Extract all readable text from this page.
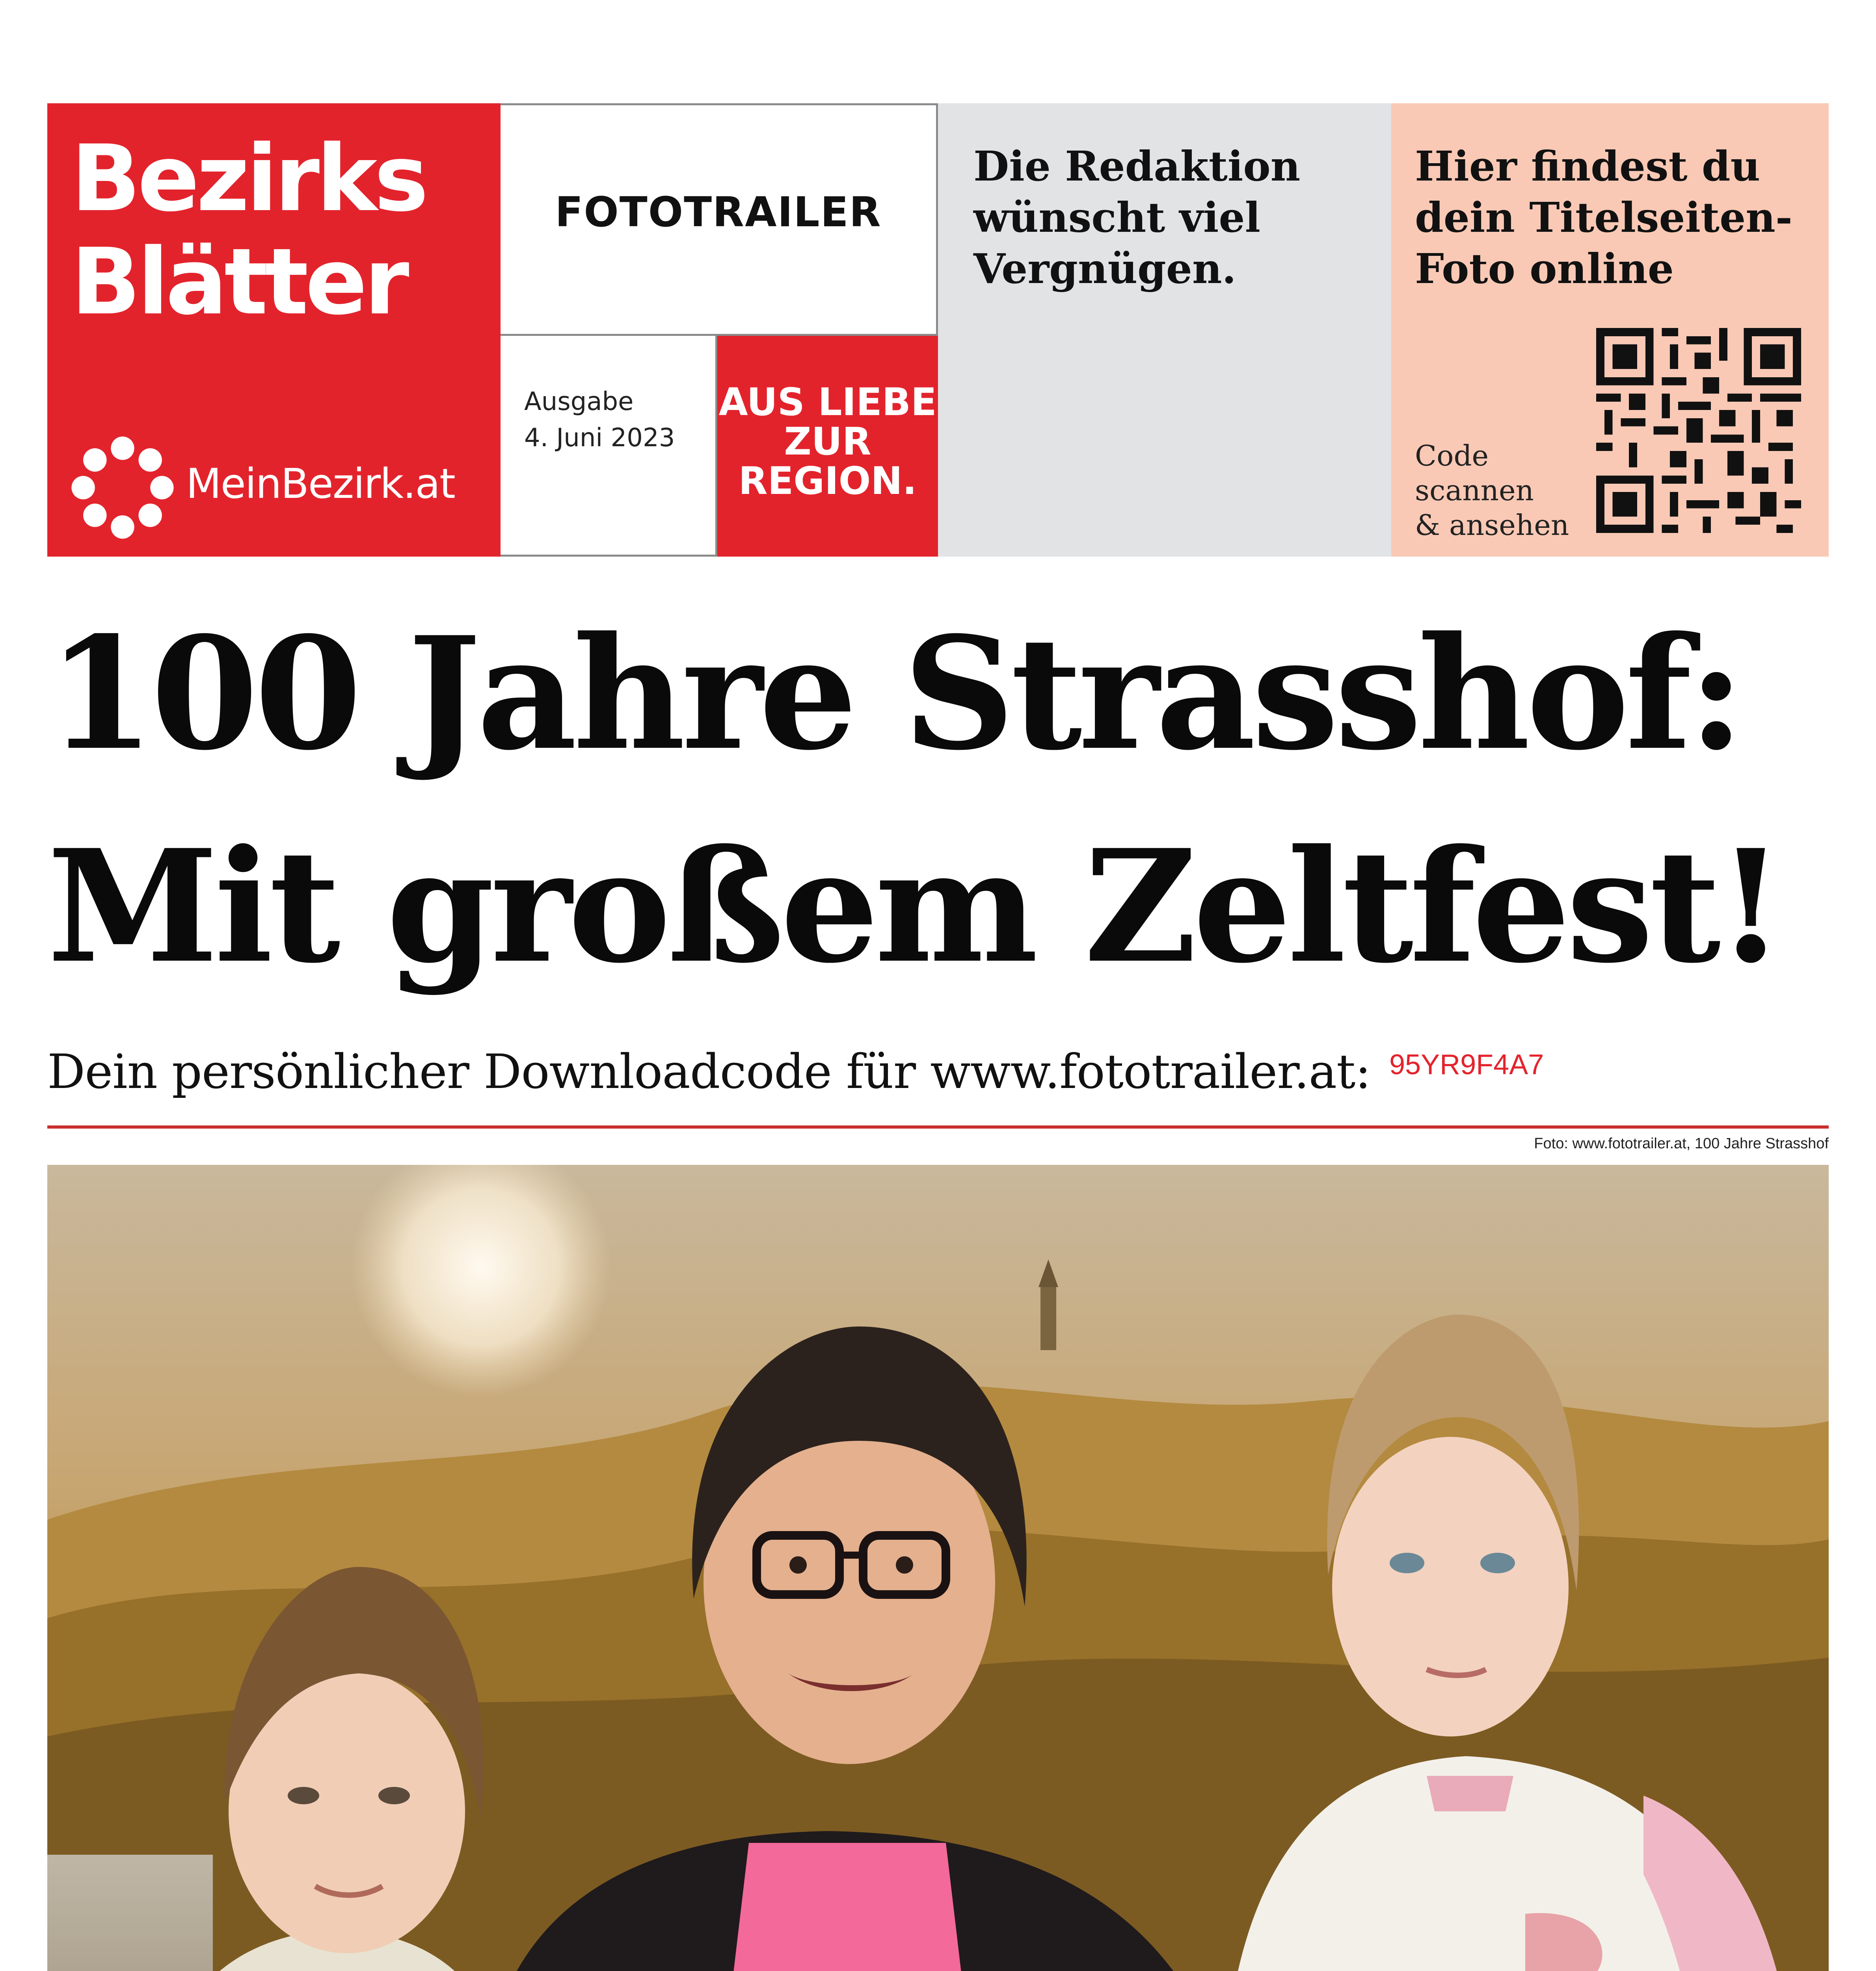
Bezirks
Blätter
MeinBezirk.at
FOTOTRAILER
Ausgabe
4. Juni 2023
AUS LIEBE
ZUR
REGION.
Die Redaktion
wünscht viel
Vergnügen.
Hier findest du
dein Titelseiten-
Foto online
Code
scannen
& ansehen
100 Jahre Strasshof:
Mit großem Zeltfest!
Dein persönlicher Downloadcode für www.fototrailer.at: 95YR9F4A7
Foto: www.fototrailer.at, 100 Jahre Strasshof
